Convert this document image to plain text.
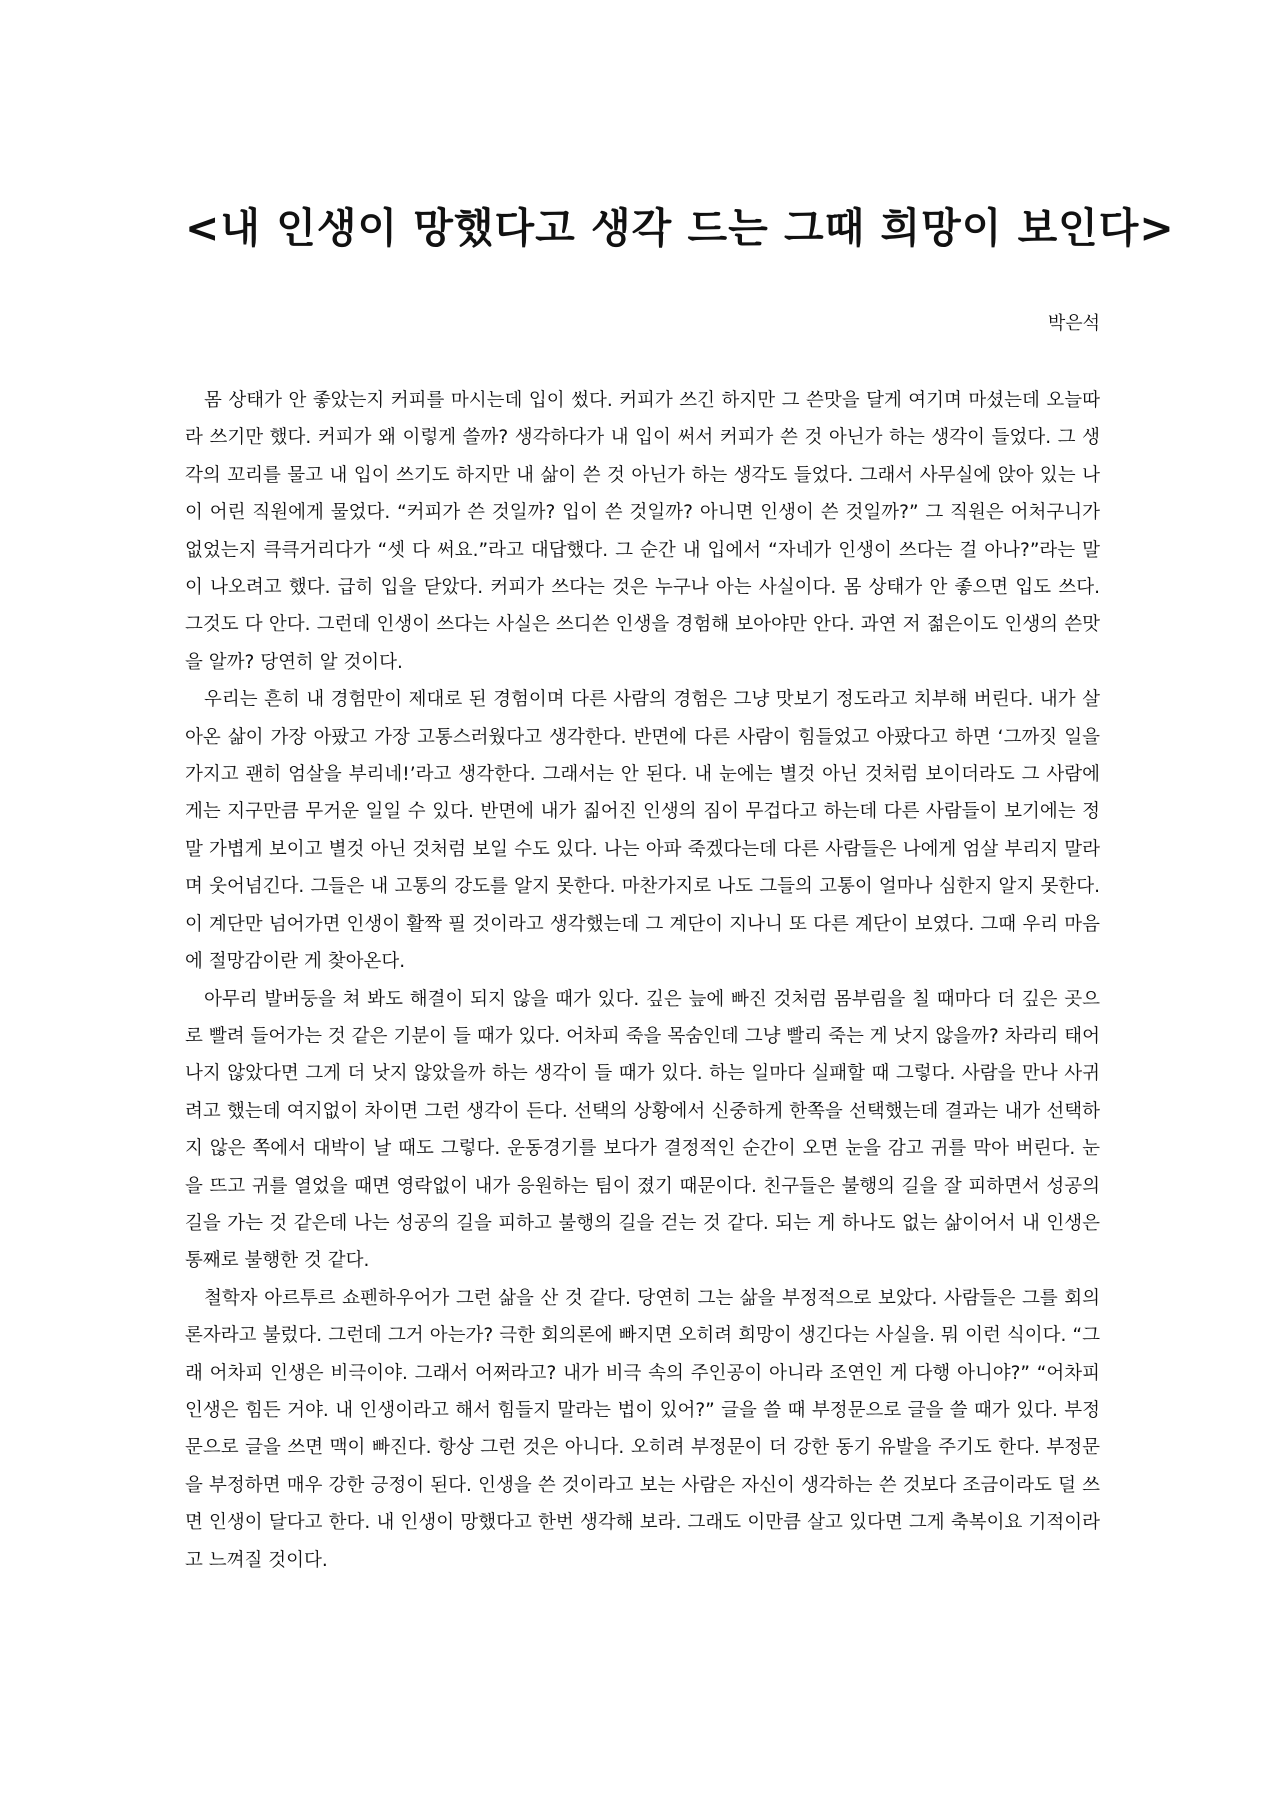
<내 인생이 망했다고 생각 드는 그때 희망이 보인다>

박은석

몸 상태가 안 좋았는지 커피를 마시는데 입이 썼다. 커피가 쓰긴 하지만 그 쓴맛을 달게 여기며 마셨는데 오늘따라 쓰기만 했다. 커피가 왜 이렇게 쓸까? 생각하다가 내 입이 써서 커피가 쓴 것 아닌가 하는 생각이 들었다. 그 생각의 꼬리를 물고 내 입이 쓰기도 하지만 내 삶이 쓴 것 아닌가 하는 생각도 들었다. 그래서 사무실에 앉아 있는 나이 어린 직원에게 물었다. “커피가 쓴 것일까? 입이 쓴 것일까? 아니면 인생이 쓴 것일까?” 그 직원은 어처구니가 없었는지 큭큭거리다가 “셋 다 써요.”라고 대답했다. 그 순간 내 입에서 “자네가 인생이 쓰다는 걸 아나?”라는 말이 나오려고 했다. 급히 입을 닫았다. 커피가 쓰다는 것은 누구나 아는 사실이다. 몸 상태가 안 좋으면 입도 쓰다. 그것도 다 안다. 그런데 인생이 쓰다는 사실은 쓰디쓴 인생을 경험해 보아야만 안다. 과연 저 젊은이도 인생의 쓴맛을 알까? 당연히 알 것이다.

우리는 흔히 내 경험만이 제대로 된 경험이며 다른 사람의 경험은 그냥 맛보기 정도라고 치부해 버린다. 내가 살아온 삶이 가장 아팠고 가장 고통스러웠다고 생각한다. 반면에 다른 사람이 힘들었고 아팠다고 하면 ‘그까짓 일을 가지고 괜히 엄살을 부리네!’라고 생각한다. 그래서는 안 된다. 내 눈에는 별것 아닌 것처럼 보이더라도 그 사람에게는 지구만큼 무거운 일일 수 있다. 반면에 내가 짊어진 인생의 짐이 무겁다고 하는데 다른 사람들이 보기에는 정말 가볍게 보이고 별것 아닌 것처럼 보일 수도 있다. 나는 아파 죽겠다는데 다른 사람들은 나에게 엄살 부리지 말라며 웃어넘긴다. 그들은 내 고통의 강도를 알지 못한다. 마찬가지로 나도 그들의 고통이 얼마나 심한지 알지 못한다. 이 계단만 넘어가면 인생이 활짝 필 것이라고 생각했는데 그 계단이 지나니 또 다른 계단이 보였다. 그때 우리 마음에 절망감이란 게 찾아온다.

아무리 발버둥을 쳐 봐도 해결이 되지 않을 때가 있다. 깊은 늪에 빠진 것처럼 몸부림을 칠 때마다 더 깊은 곳으로 빨려 들어가는 것 같은 기분이 들 때가 있다. 어차피 죽을 목숨인데 그냥 빨리 죽는 게 낫지 않을까? 차라리 태어나지 않았다면 그게 더 낫지 않았을까 하는 생각이 들 때가 있다. 하는 일마다 실패할 때 그렇다. 사람을 만나 사귀려고 했는데 여지없이 차이면 그런 생각이 든다. 선택의 상황에서 신중하게 한쪽을 선택했는데 결과는 내가 선택하지 않은 쪽에서 대박이 날 때도 그렇다. 운동경기를 보다가 결정적인 순간이 오면 눈을 감고 귀를 막아 버린다. 눈을 뜨고 귀를 열었을 때면 영락없이 내가 응원하는 팀이 졌기 때문이다. 친구들은 불행의 길을 잘 피하면서 성공의 길을 가는 것 같은데 나는 성공의 길을 피하고 불행의 길을 걷는 것 같다. 되는 게 하나도 없는 삶이어서 내 인생은 통째로 불행한 것 같다.

철학자 아르투르 쇼펜하우어가 그런 삶을 산 것 같다. 당연히 그는 삶을 부정적으로 보았다. 사람들은 그를 회의론자라고 불렀다. 그런데 그거 아는가? 극한 회의론에 빠지면 오히려 희망이 생긴다는 사실을. 뭐 이런 식이다. “그래 어차피 인생은 비극이야. 그래서 어쩌라고? 내가 비극 속의 주인공이 아니라 조연인 게 다행 아니야?” “어차피 인생은 힘든 거야. 내 인생이라고 해서 힘들지 말라는 법이 있어?” 글을 쓸 때 부정문으로 글을 쓸 때가 있다. 부정문으로 글을 쓰면 맥이 빠진다. 항상 그런 것은 아니다. 오히려 부정문이 더 강한 동기 유발을 주기도 한다. 부정문을 부정하면 매우 강한 긍정이 된다. 인생을 쓴 것이라고 보는 사람은 자신이 생각하는 쓴 것보다 조금이라도 덜 쓰면 인생이 달다고 한다. 내 인생이 망했다고 한번 생각해 보라. 그래도 이만큼 살고 있다면 그게 축복이요 기적이라고 느껴질 것이다.
